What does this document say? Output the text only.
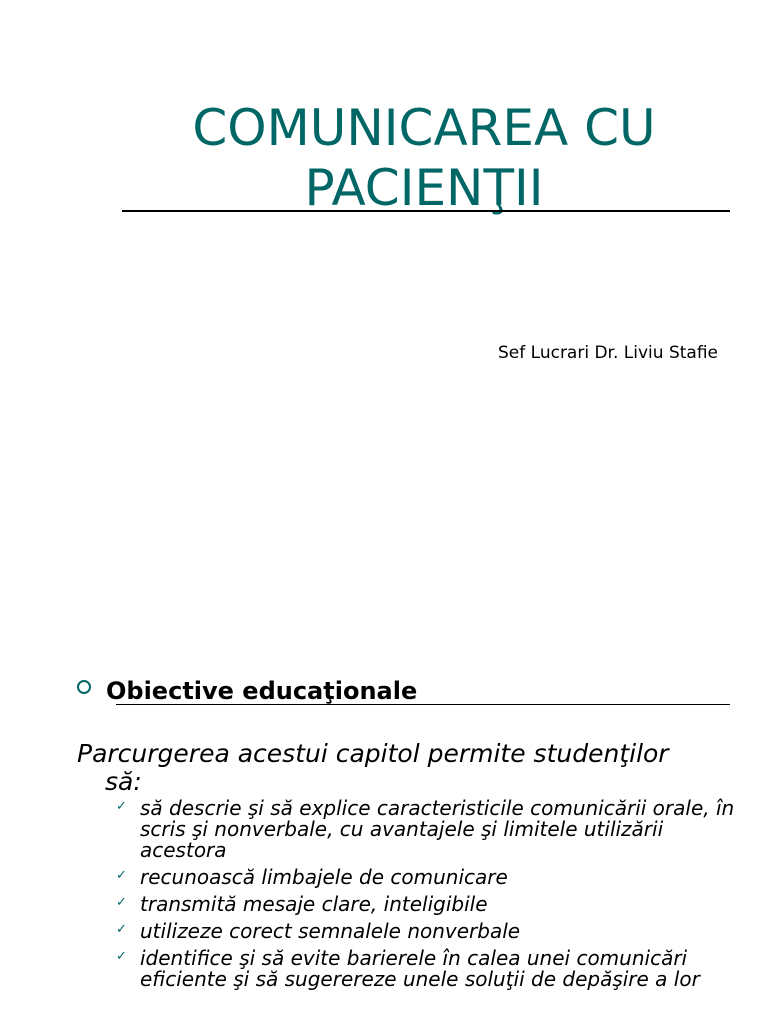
COMUNICAREA CU
PACIENŢII
Sef Lucrari Dr. Liviu Stafie
Obiective educaţionale
Parcurgerea acestui capitol permite studenţilor
să:
✓ să descrie şi să explice caracteristicile comunicării orale, în scris şi nonverbale, cu avantajele şi limitele utilizării acestora
✓ recunoască limbajele de comunicare
✓ transmită mesaje clare, inteligibile
✓ utilizeze corect semnalele nonverbale
✓ identifice şi să evite barierele în calea unei comunicări eficiente şi să sugerereze unele soluţii de depăşire a lor
